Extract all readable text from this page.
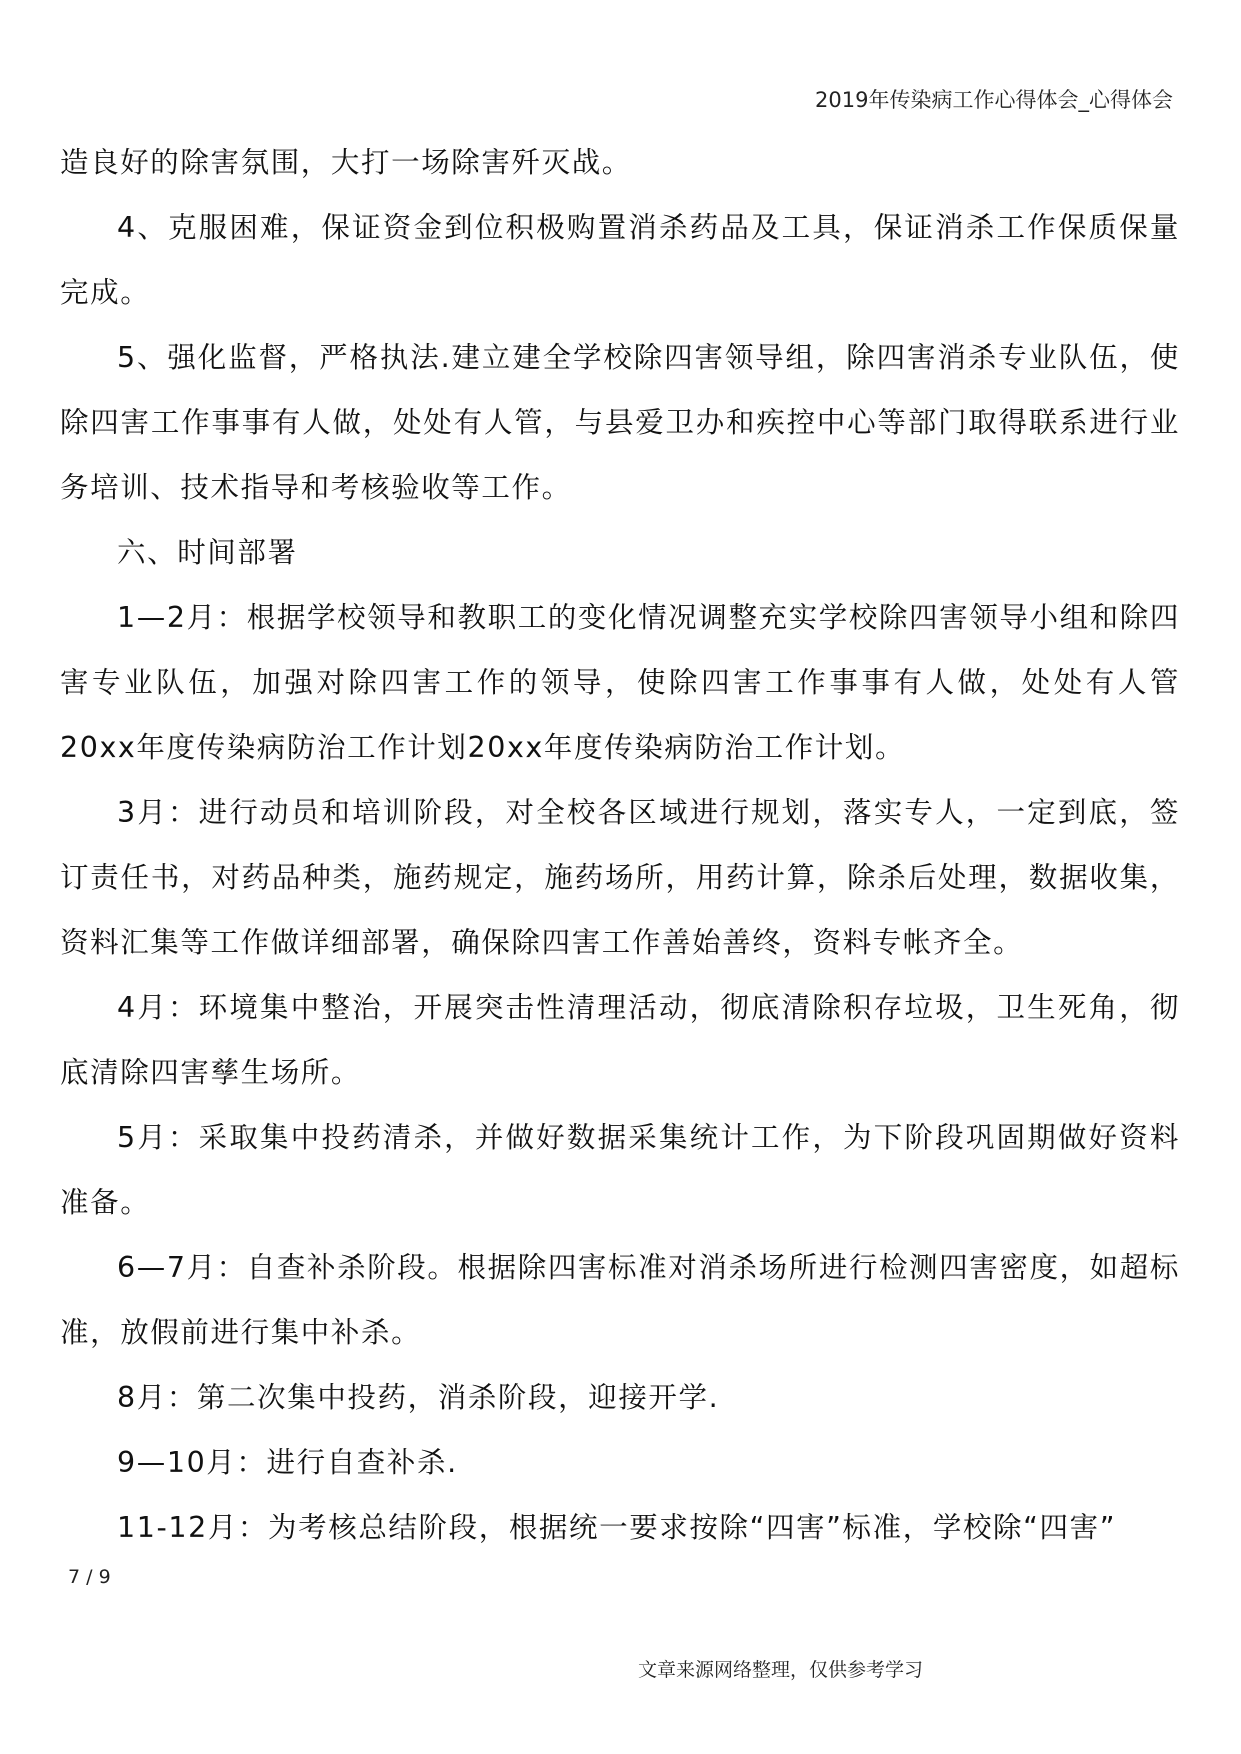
2019年传染病工作心得体会_心得体会

造良好的除害氛围，大打一场除害歼灭战。

4、克服困难，保证资金到位积极购置消杀药品及工具，保证消杀工作保质保量完成。

5、强化监督，严格执法.建立建全学校除四害领导组，除四害消杀专业队伍，使除四害工作事事有人做，处处有人管，与县爱卫办和疾控中心等部门取得联系进行业务培训、技术指导和考核验收等工作。

六、时间部署

1—2月：根据学校领导和教职工的变化情况调整充实学校除四害领导小组和除四害专业队伍，加强对除四害工作的领导，使除四害工作事事有人做，处处有人管20xx年度传染病防治工作计划20xx年度传染病防治工作计划。

3月：进行动员和培训阶段，对全校各区域进行规划，落实专人，一定到底，签订责任书，对药品种类，施药规定，施药场所，用药计算，除杀后处理，数据收集，资料汇集等工作做详细部署，确保除四害工作善始善终，资料专帐齐全。

4月：环境集中整治，开展突击性清理活动，彻底清除积存垃圾，卫生死角，彻底清除四害孳生场所。

5月：采取集中投药清杀，并做好数据采集统计工作，为下阶段巩固期做好资料准备。

6—7月：自查补杀阶段。根据除四害标准对消杀场所进行检测四害密度，如超标准，放假前进行集中补杀。

8月：第二次集中投药，消杀阶段，迎接开学.

9—10月：进行自查补杀.

11-12月：为考核总结阶段，根据统一要求按除“四害”标准，学校除“四害”

7 / 9
文章来源网络整理，仅供参考学习
